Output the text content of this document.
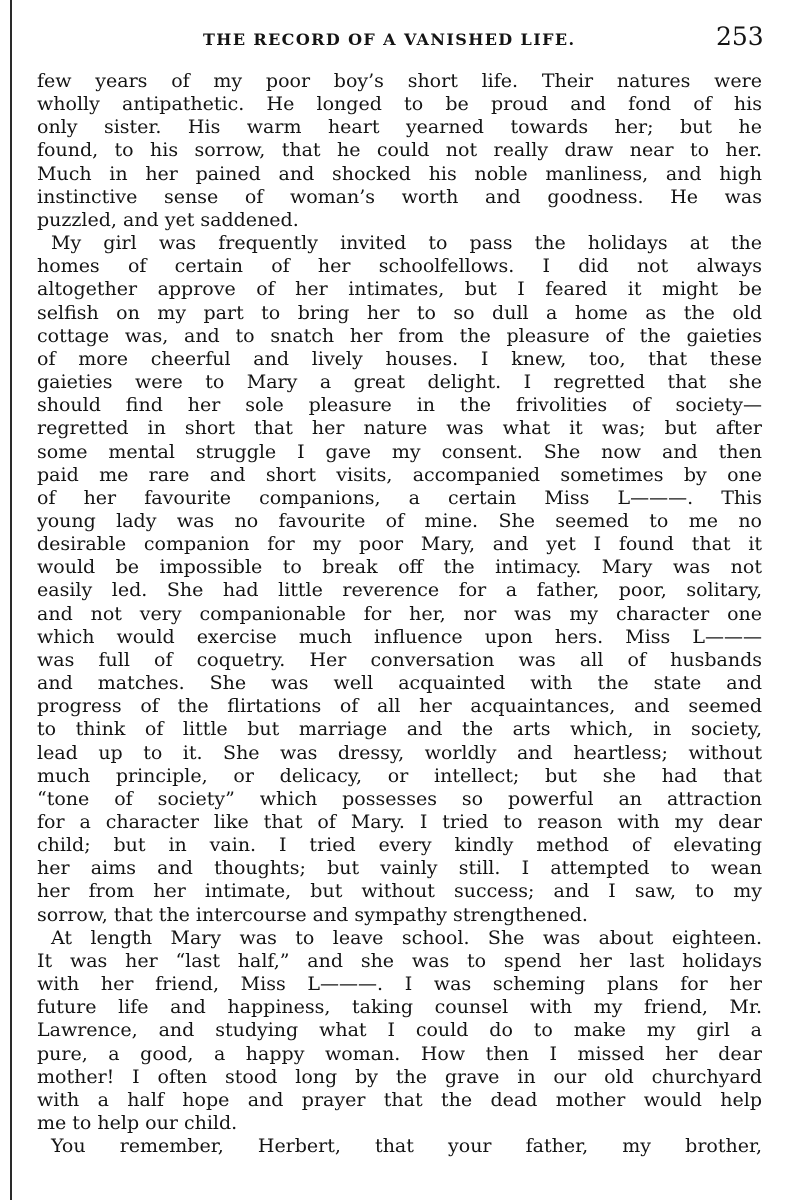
THE RECORD OF A VANISHED LIFE.	253
few years of my poor boy’s short life. Their natures were
wholly antipathetic. He longed to be proud and fond of his
only sister. His warm heart yearned towards her; but he
found, to his sorrow, that he could not really draw near to her.
Much in her pained and shocked his noble manliness, and high
instinctive sense of woman’s worth and goodness. He was
puzzled, and yet saddened.
My girl was frequently invited to pass the holidays at the
homes of certain of her schoolfellows. I did not always
altogether approve of her intimates, but I feared it might be
selfish on my part to bring her to so dull a home as the old
cottage was, and to snatch her from the pleasure of the gaieties
of more cheerful and lively houses. I knew, too, that these
gaieties were to Mary a great delight. I regretted that she
should find her sole pleasure in the frivolities of society—
regretted in short that her nature was what it was; but after
some mental struggle I gave my consent. She now and then
paid me rare and short visits, accompanied sometimes by one
of her favourite companions, a certain Miss L———. This
young lady was no favourite of mine. She seemed to me no
desirable companion for my poor Mary, and yet I found that it
would be impossible to break off the intimacy. Mary was not
easily led. She had little reverence for a father, poor, solitary,
and not very companionable for her, nor was my character one
which would exercise much influence upon hers. Miss L———
was full of coquetry. Her conversation was all of husbands
and matches. She was well acquainted with the state and
progress of the flirtations of all her acquaintances, and seemed
to think of little but marriage and the arts which, in society,
lead up to it. She was dressy, worldly and heartless; without
much principle, or delicacy, or intellect; but she had that
“tone of society” which possesses so powerful an attraction
for a character like that of Mary. I tried to reason with my dear
child; but in vain. I tried every kindly method of elevating
her aims and thoughts; but vainly still. I attempted to wean
her from her intimate, but without success; and I saw, to my
sorrow, that the intercourse and sympathy strengthened.
At length Mary was to leave school. She was about eighteen.
It was her “last half,” and she was to spend her last holidays
with her friend, Miss L———. I was scheming plans for her
future life and happiness, taking counsel with my friend, Mr.
Lawrence, and studying what I could do to make my girl a
pure, a good, a happy woman. How then I missed her dear
mother! I often stood long by the grave in our old churchyard
with a half hope and prayer that the dead mother would help
me to help our child.
You remember, Herbert, that your father, my brother,
